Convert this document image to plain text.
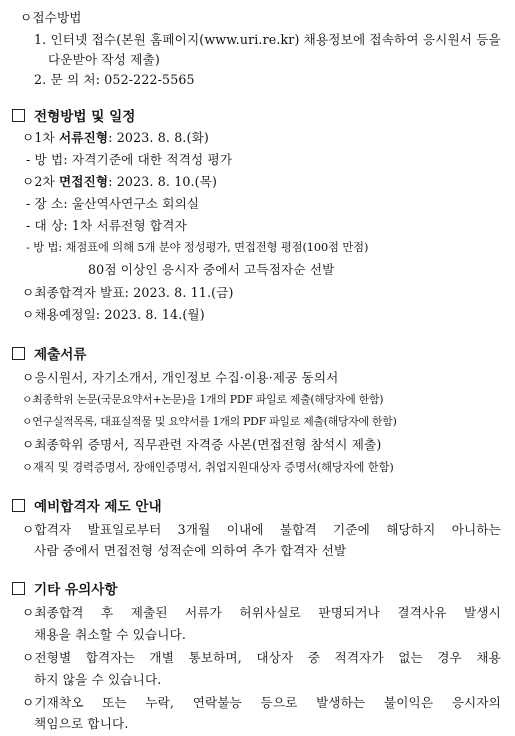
ㅇ접수방법
1. 인터넷 접수(본원 홈페이지(www.uri.re.kr) 채용정보에 접속하여 응시원서 등을
다운받아 작성 제출)
2. 문 의 처: 052-222-5565
전형방법 및 일정
ㅇ1차 서류진형: 2023. 8. 8.(화)
- 방 법: 자격기준에 대한 적격성 평가
ㅇ2차 면접진형: 2023. 8. 10.(목)
- 장 소: 울산역사연구소 회의실
- 대 상: 1차 서류전형 합격자
- 방 법: 채점표에 의해 5개 분야 정성평가, 면접전형 평점(100점 만점)
80점 이상인 응시자 중에서 고득점자순 선발
ㅇ최종합격자 발표: 2023. 8. 11.(금)
ㅇ채용예정일: 2023. 8. 14.(월)
제출서류
ㅇ응시원서, 자기소개서, 개인정보 수집·이용·제공 동의서
ㅇ최종학위 논문(국문요약서+논문)을 1개의 PDF 파일로 제출(해당자에 한함)
ㅇ연구실적목록, 대표실적물 및 요약서를 1개의 PDF 파일로 제출(해당자에 한함)
ㅇ최종학위 증명서, 직무관련 자격증 사본(면접전형 참석시 제출)
ㅇ재직 및 경력증명서, 장애인증명서, 취업지원대상자 증명서(해당자에 한함)
예비합격자 제도 안내
ㅇ합격자 발표일로부터 3개월 이내에 불합격 기준에 해당하지 아니하는
사람 중에서 면접전형 성적순에 의하여 추가 합격자 선발
기타 유의사항
ㅇ최종합격 후 제출된 서류가 허위사실로 판명되거나 결격사유 발생시
채용을 취소할 수 있습니다.
ㅇ전형별 합격자는 개별 통보하며, 대상자 중 적격자가 없는 경우 채용
하지 않을 수 있습니다.
ㅇ기재착오 또는 누락, 연락불능 등으로 발생하는 불이익은 응시자의
책임으로 합니다.
